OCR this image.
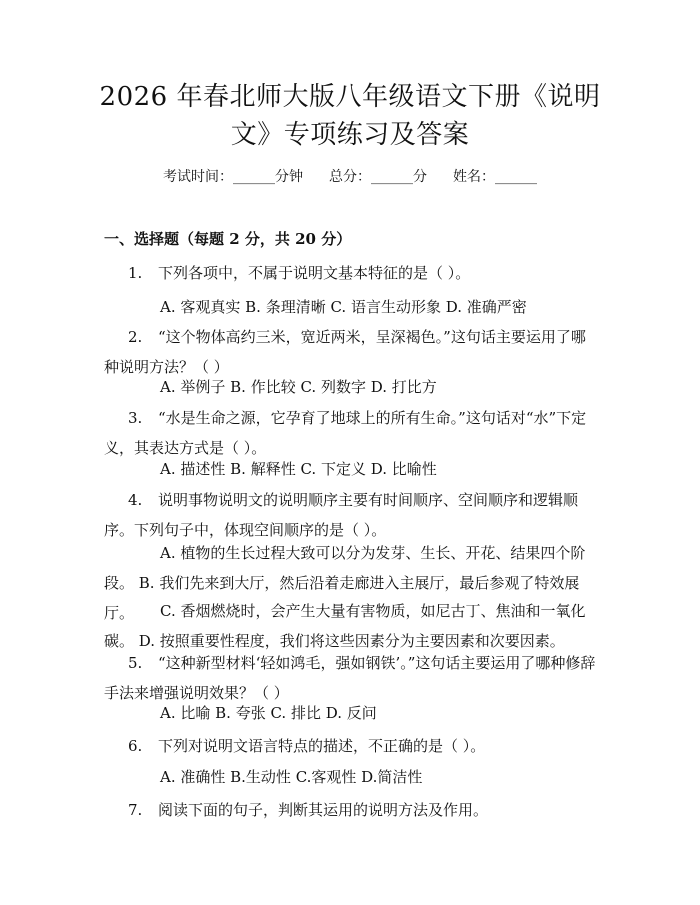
2026 年春北师大版八年级语文下册《说明
文》专项练习及答案
考试时间：______分钟 总分：______分 姓名：______
一、选择题（每题 2 分，共 20 分）
1. 下列各项中，不属于说明文基本特征的是（ ）。
A. 客观真实 B. 条理清晰 C. 语言生动形象 D. 准确严密
2. “这个物体高约三米，宽近两米，呈深褐色。”这句话主要运用了哪种说明方法？（ ）
A. 举例子 B. 作比较 C. 列数字 D. 打比方
3. “水是生命之源，它孕育了地球上的所有生命。”这句话对“水”下定义，其表达方式是（ ）。
A. 描述性 B. 解释性 C. 下定义 D. 比喻性
4. 说明事物说明文的说明顺序主要有时间顺序、空间顺序和逻辑顺序。下列句子中，体现空间顺序的是（ ）。
A. 植物的生长过程大致可以分为发芽、生长、开花、结果四个阶段。 B. 我们先来到大厅，然后沿着走廊进入主展厅，最后参观了特效展厅。	C. 香烟燃烧时，会产生大量有害物质，如尼古丁、焦油和一氧化碳。 D. 按照重要性程度，我们将这些因素分为主要因素和次要因素。
5. “这种新型材料‘轻如鸿毛，强如钢铁’。”这句话主要运用了哪种修辞手法来增强说明效果？（ ）
A. 比喻 B. 夸张 C. 排比 D. 反问
6. 下列对说明文语言特点的描述，不正确的是（ ）。
A. 准确性 B.生动性 C.客观性 D.简洁性
7. 阅读下面的句子，判断其运用的说明方法及作用。
